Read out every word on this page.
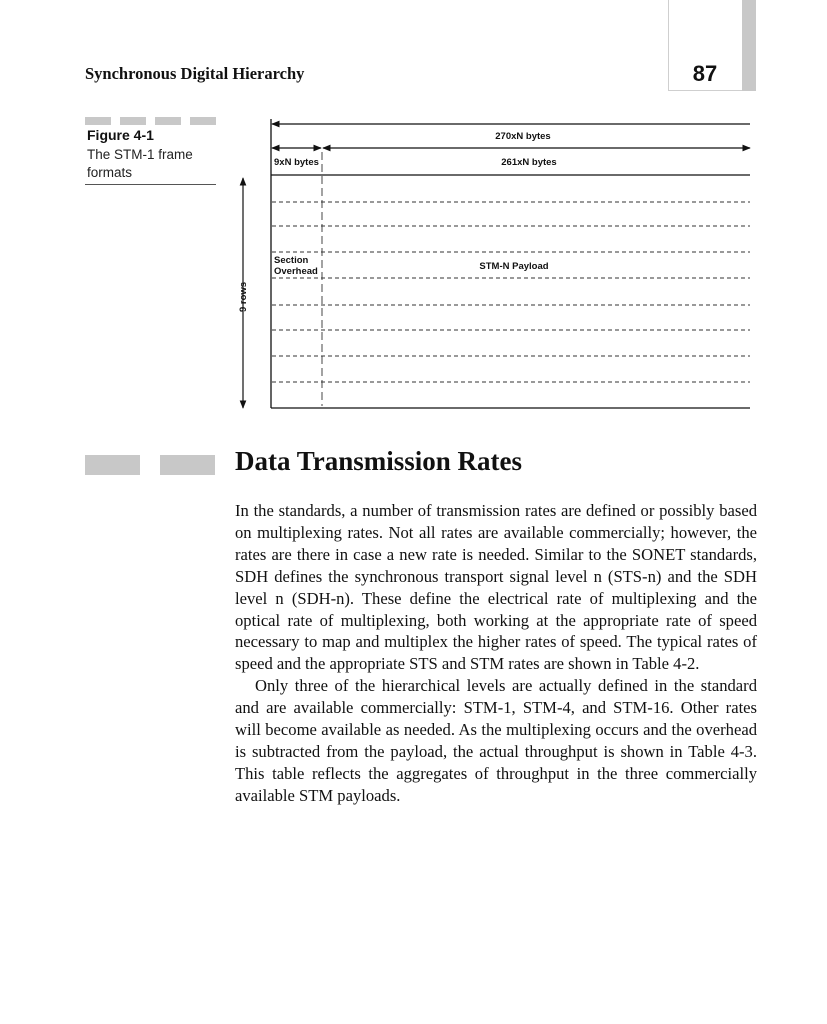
Synchronous Digital Hierarchy	87
Figure 4-1
The STM-1 frame formats
270xN bytes
9xN bytes	261xN bytes
9 rows
Section
Overhead	STM-N Payload
Data Transmission Rates

In the standards, a number of transmission rates are defined or possibly based on multiplexing rates. Not all rates are available commercially; however, the rates are there in case a new rate is needed. Similar to the SONET standards, SDH defines the synchronous transport signal level n (STS-n) and the SDH level n (SDH-n). These define the electrical rate of multiplexing and the optical rate of multiplexing, both working at the appropriate rate of speed necessary to map and multiplex the higher rates of speed. The typical rates of speed and the appropriate STS and STM rates are shown in Table 4-2.

Only three of the hierarchical levels are actually defined in the standard and are available commercially: STM-1, STM-4, and STM-16. Other rates will become available as needed. As the multiplexing occurs and the overhead is subtracted from the payload, the actual throughput is shown in Table 4-3. This table reflects the aggregates of throughput in the three commercially available STM payloads.
